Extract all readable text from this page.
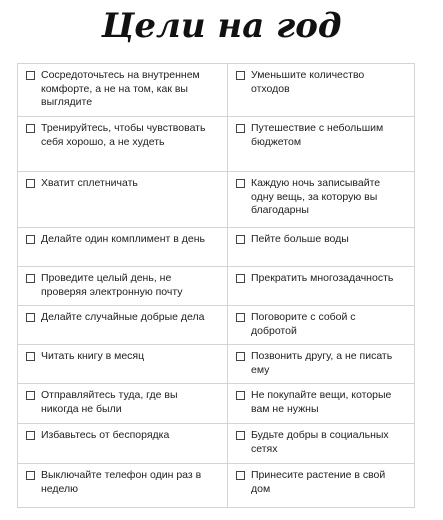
Цели на год
Сосредоточьтесь на внутреннем комфорте, а не на том, как вы выглядите	Уменьшите количество отходов

Тренируйтесь, чтобы чувствовать себя хорошо, а не худеть	Путешествие с небольшим бюджетом

Хватит сплетничать	Каждую ночь записывайте одну вещь, за которую вы благодарны

Делайте один комплимент в день	Пейте больше воды

Проведите целый день, не проверяя электронную почту	Прекратить многозадачность

Делайте случайные добрые дела	Поговорите с собой с добротой

Читать книгу в месяц	Позвонить другу, а не писать ему

Отправляйтесь туда, где вы никогда не были	Не покупайте вещи, которые вам не нужны

Избавьтесь от беспорядка	Будьте добры в социальных сетях

Выключайте телефон один раз в неделю	Принесите растение в свой дом
